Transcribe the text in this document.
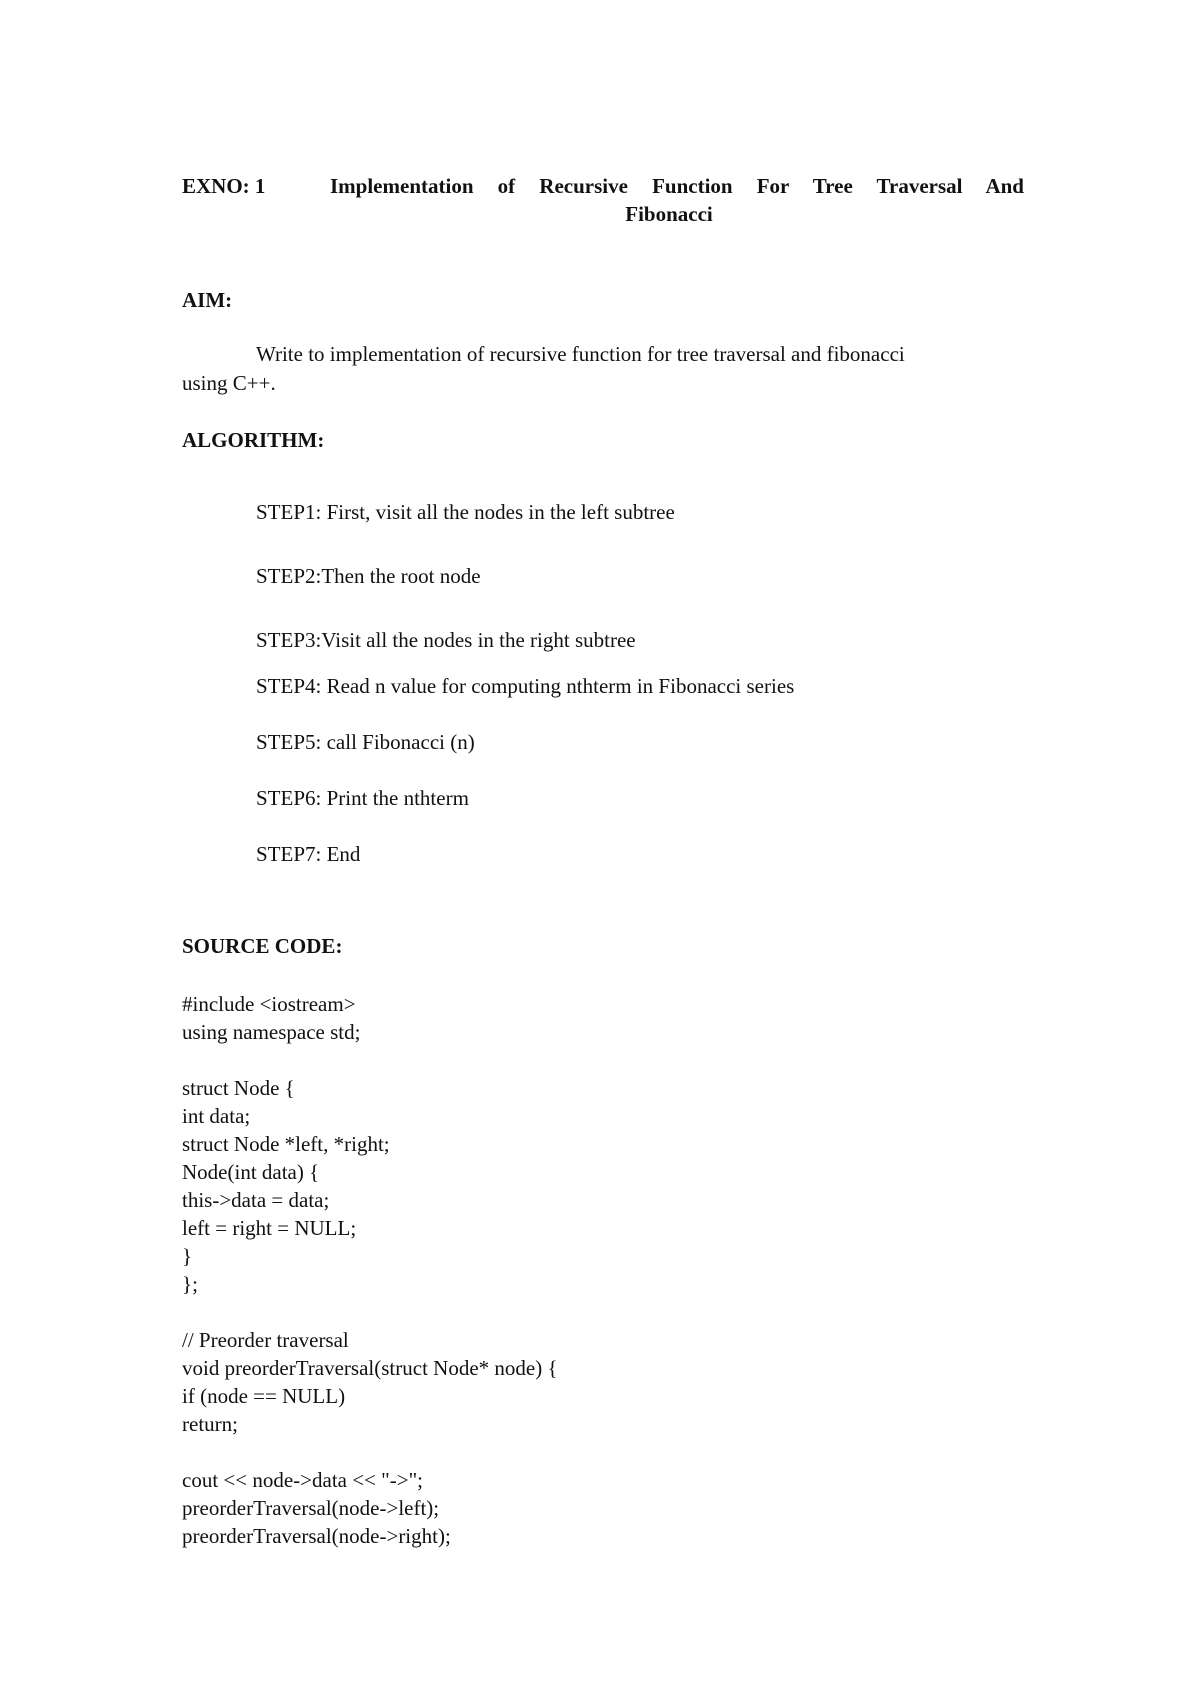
EXNO: 1	Implementation of Recursive Function For Tree Traversal And
Fibonacci
AIM:
Write to implementation of recursive function for tree traversal and fibonacci
using C++.
ALGORITHM:
STEP1: First, visit all the nodes in the left subtree
STEP2:Then the root node
STEP3:Visit all the nodes in the right subtree
STEP4: Read n value for computing nthterm in Fibonacci series
STEP5: call Fibonacci (n)
STEP6: Print the nthterm
STEP7: End
SOURCE CODE:
#include <iostream>
using namespace std;
struct Node {
int data;
struct Node *left, *right;
Node(int data) {
this->data = data;
left = right = NULL;
}
};
// Preorder traversal
void preorderTraversal(struct Node* node) {
if (node == NULL)
return;
cout << node->data << "->";
preorderTraversal(node->left);
preorderTraversal(node->right);
